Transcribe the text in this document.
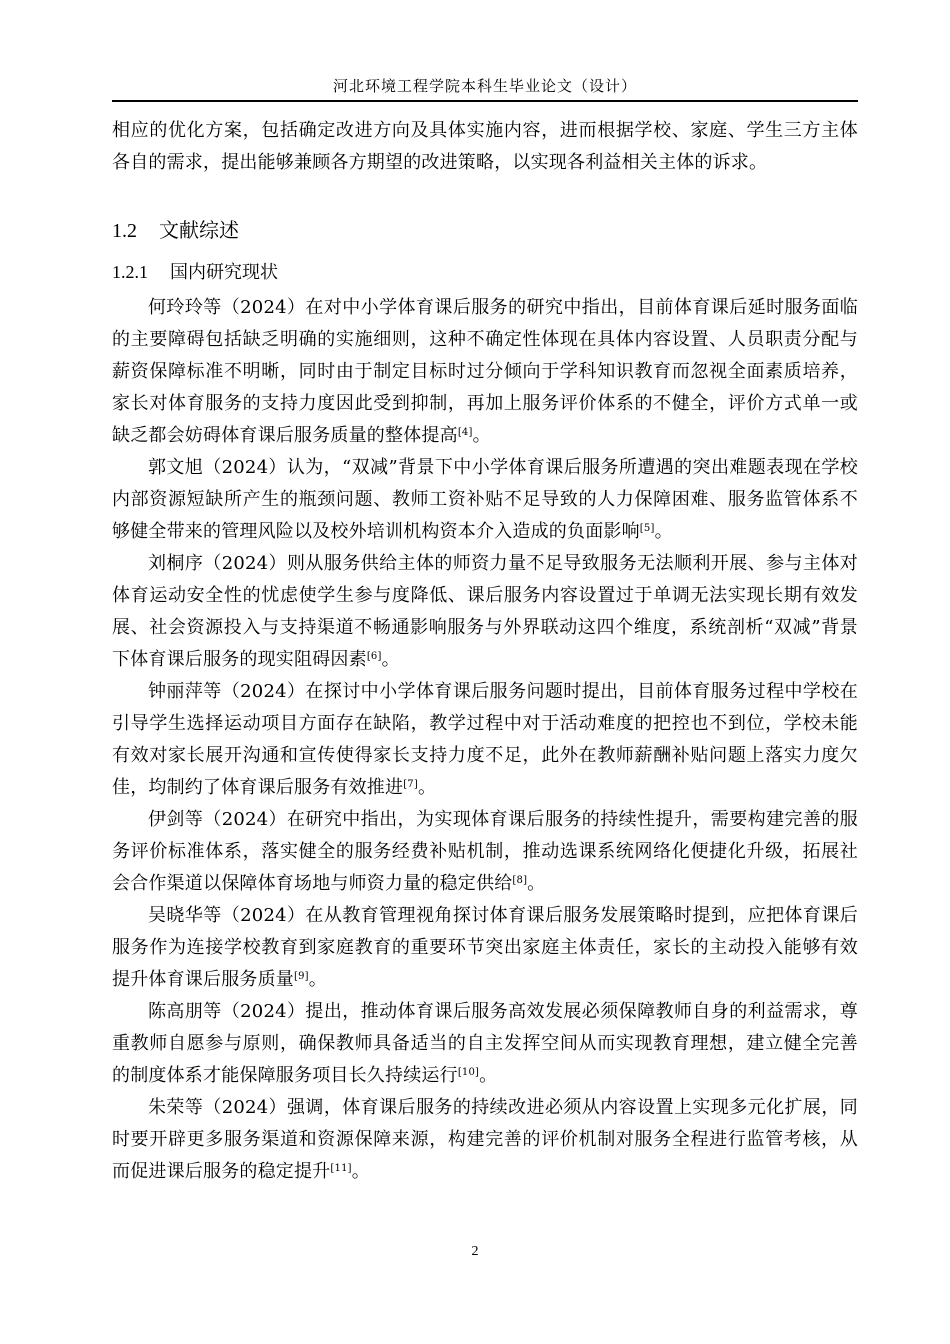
河北环境工程学院本科生毕业论文（设计）

相应的优化方案，包括确定改进方向及具体实施内容，进而根据学校、家庭、学生三方主体各自的需求，提出能够兼顾各方期望的改进策略，以实现各利益相关主体的诉求。

1.2 文献综述
1.2.1 国内研究现状

何玲玲等（2024）在对中小学体育课后服务的研究中指出，目前体育课后延时服务面临的主要障碍包括缺乏明确的实施细则，这种不确定性体现在具体内容设置、人员职责分配与薪资保障标准不明晰，同时由于制定目标时过分倾向于学科知识教育而忽视全面素质培养，家长对体育服务的支持力度因此受到抑制，再加上服务评价体系的不健全，评价方式单一或缺乏都会妨碍体育课后服务质量的整体提高[4]。

郭文旭（2024）认为，“双减”背景下中小学体育课后服务所遭遇的突出难题表现在学校内部资源短缺所产生的瓶颈问题、教师工资补贴不足导致的人力保障困难、服务监管体系不够健全带来的管理风险以及校外培训机构资本介入造成的负面影响[5]。

刘桐序（2024）则从服务供给主体的师资力量不足导致服务无法顺利开展、参与主体对体育运动安全性的忧虑使学生参与度降低、课后服务内容设置过于单调无法实现长期有效发展、社会资源投入与支持渠道不畅通影响服务与外界联动这四个维度，系统剖析“双减”背景下体育课后服务的现实阻碍因素[6]。

钟丽萍等（2024）在探讨中小学体育课后服务问题时提出，目前体育服务过程中学校在引导学生选择运动项目方面存在缺陷，教学过程中对于活动难度的把控也不到位，学校未能有效对家长展开沟通和宣传使得家长支持力度不足，此外在教师薪酬补贴问题上落实力度欠佳，均制约了体育课后服务有效推进[7]。

伊剑等（2024）在研究中指出，为实现体育课后服务的持续性提升，需要构建完善的服务评价标准体系，落实健全的服务经费补贴机制，推动选课系统网络化便捷化升级，拓展社会合作渠道以保障体育场地与师资力量的稳定供给[8]。

吴晓华等（2024）在从教育管理视角探讨体育课后服务发展策略时提到，应把体育课后服务作为连接学校教育到家庭教育的重要环节突出家庭主体责任，家长的主动投入能够有效提升体育课后服务质量[9]。

陈高朋等（2024）提出，推动体育课后服务高效发展必须保障教师自身的利益需求，尊重教师自愿参与原则，确保教师具备适当的自主发挥空间从而实现教育理想，建立健全完善的制度体系才能保障服务项目长久持续运行[10]。

朱荣等（2024）强调，体育课后服务的持续改进必须从内容设置上实现多元化扩展，同时要开辟更多服务渠道和资源保障来源，构建完善的评价机制对服务全程进行监管考核，从而促进课后服务的稳定提升[11]。

2
